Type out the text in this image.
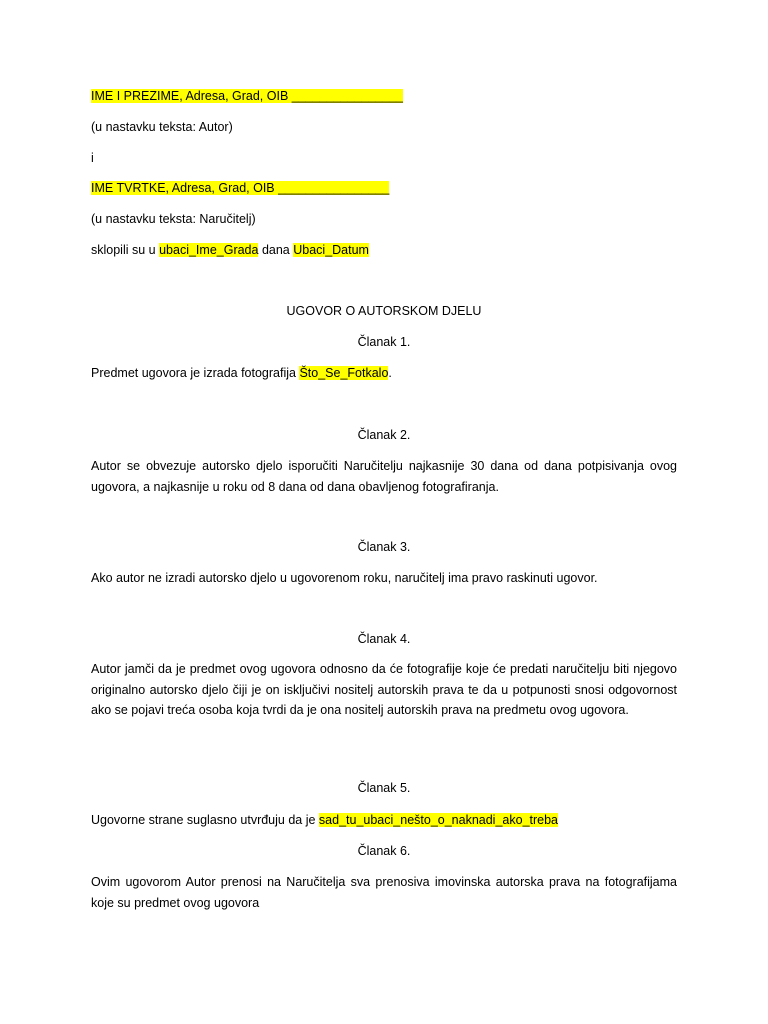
IME I PREZIME, Adresa, Grad, OIB ________________
(u nastavku teksta: Autor)
i
IME TVRTKE, Adresa, Grad, OIB ________________
(u nastavku teksta: Naručitelj)
sklopili su u ubaci_Ime_Grada dana Ubaci_Datum
UGOVOR O AUTORSKOM DJELU
Članak 1.
Predmet ugovora je izrada fotografija Što_Se_Fotkalo.
Članak 2.
Autor se obvezuje autorsko djelo isporučiti Naručitelju najkasnije 30 dana od dana potpisivanja ovog ugovora, a najkasnije u roku od 8 dana od dana obavljenog fotografiranja.
Članak 3.
Ako autor ne izradi autorsko djelo u ugovorenom roku, naručitelj ima pravo raskinuti ugovor.
Članak 4.
Autor jamči da je predmet ovog ugovora odnosno da će fotografije koje će predati naručitelju biti njegovo originalno autorsko djelo čiji je on isključivi nositelj autorskih prava te da u potpunosti snosi odgovornost ako se pojavi treća osoba koja tvrdi da je ona nositelj autorskih prava na predmetu ovog ugovora.
Članak 5.
Ugovorne strane suglasno utvrđuju da je sad_tu_ubaci_nešto_o_naknadi_ako_treba
Članak 6.
Ovim ugovorom Autor prenosi na Naručitelja sva prenosiva imovinska autorska prava na fotografijama koje su predmet ovog ugovora
